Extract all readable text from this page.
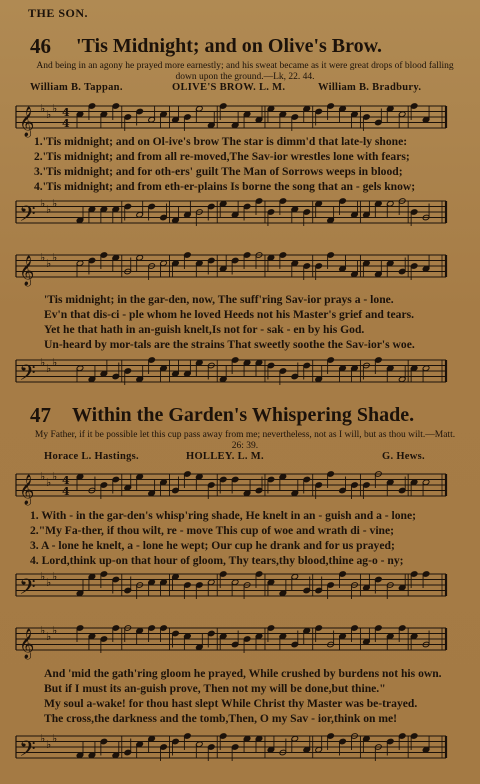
THE SON.
46 'Tis Midnight; and on Olive's Brow.
And being in an agony he prayed more earnestly; and his sweat became as it were great drops of blood falling down upon the ground.—Lk, 22. 44.
William B. Tappan.	OLIVE'S BROW. L. M.	William B. Bradbury.
𝄞 ♭ ♭ ♭ 4
4
1.'Tis midnight; and on Ol-ive's brow The star is dimm'd that late-ly shone:
2.'Tis midnight; and from all re-moved,The Sav-ior wrestles lone with fears;
3.'Tis midnight; and for oth-ers' guilt The Man of Sorrows weeps in blood;
4.'Tis midnight; and from eth-er-plains Is borne the song that an - gels know;
𝄢 ♭ ♭ ♭
𝄞 ♭ ♭ ♭
'Tis midnight; in the gar-den, now, The suff'ring Sav-ior prays a - lone.
Ev'n that dis-ci - ple whom he loved Heeds not his Master's grief and tears.
Yet he that hath in an-guish knelt,Is not for - sak - en by his God.
Un-heard by mor-tals are the strains That sweetly soothe the Sav-ior's woe.
𝄢 ♭ ♭ ♭
47 Within the Garden's Whispering Shade.
My Father, if it be possible let this cup pass away from me; nevertheless, not as I will, but as thou wilt.—Matt. 26: 39.
Horace L. Hastings.	HOLLEY. L. M.	G. Hews.
𝄞 ♭ ♭ ♭ 4
4
1. With - in the gar-den's whisp'ring shade, He knelt in an - guish and a - lone;
2."My Fa-ther, if thou wilt, re - move This cup of woe and wrath di - vine;
3. A - lone he knelt, a - lone he wept; Our cup he drank and for us prayed;
4. Lord,think up-on that hour of gloom, Thy tears,thy blood,thine ag-o - ny;
𝄢 ♭ ♭ ♭
𝄞 ♭ ♭ ♭
And 'mid the gath'ring gloom he prayed, While crushed by burdens not his own.
But if I must its an-guish prove, Then not my will be done,but thine."
My soul a-wake! for thou hast slept While Christ thy Master was be-trayed.
The cross,the darkness and the tomb,Then, O my Sav - ior,think on me!
𝄢 ♭ ♭ ♭
